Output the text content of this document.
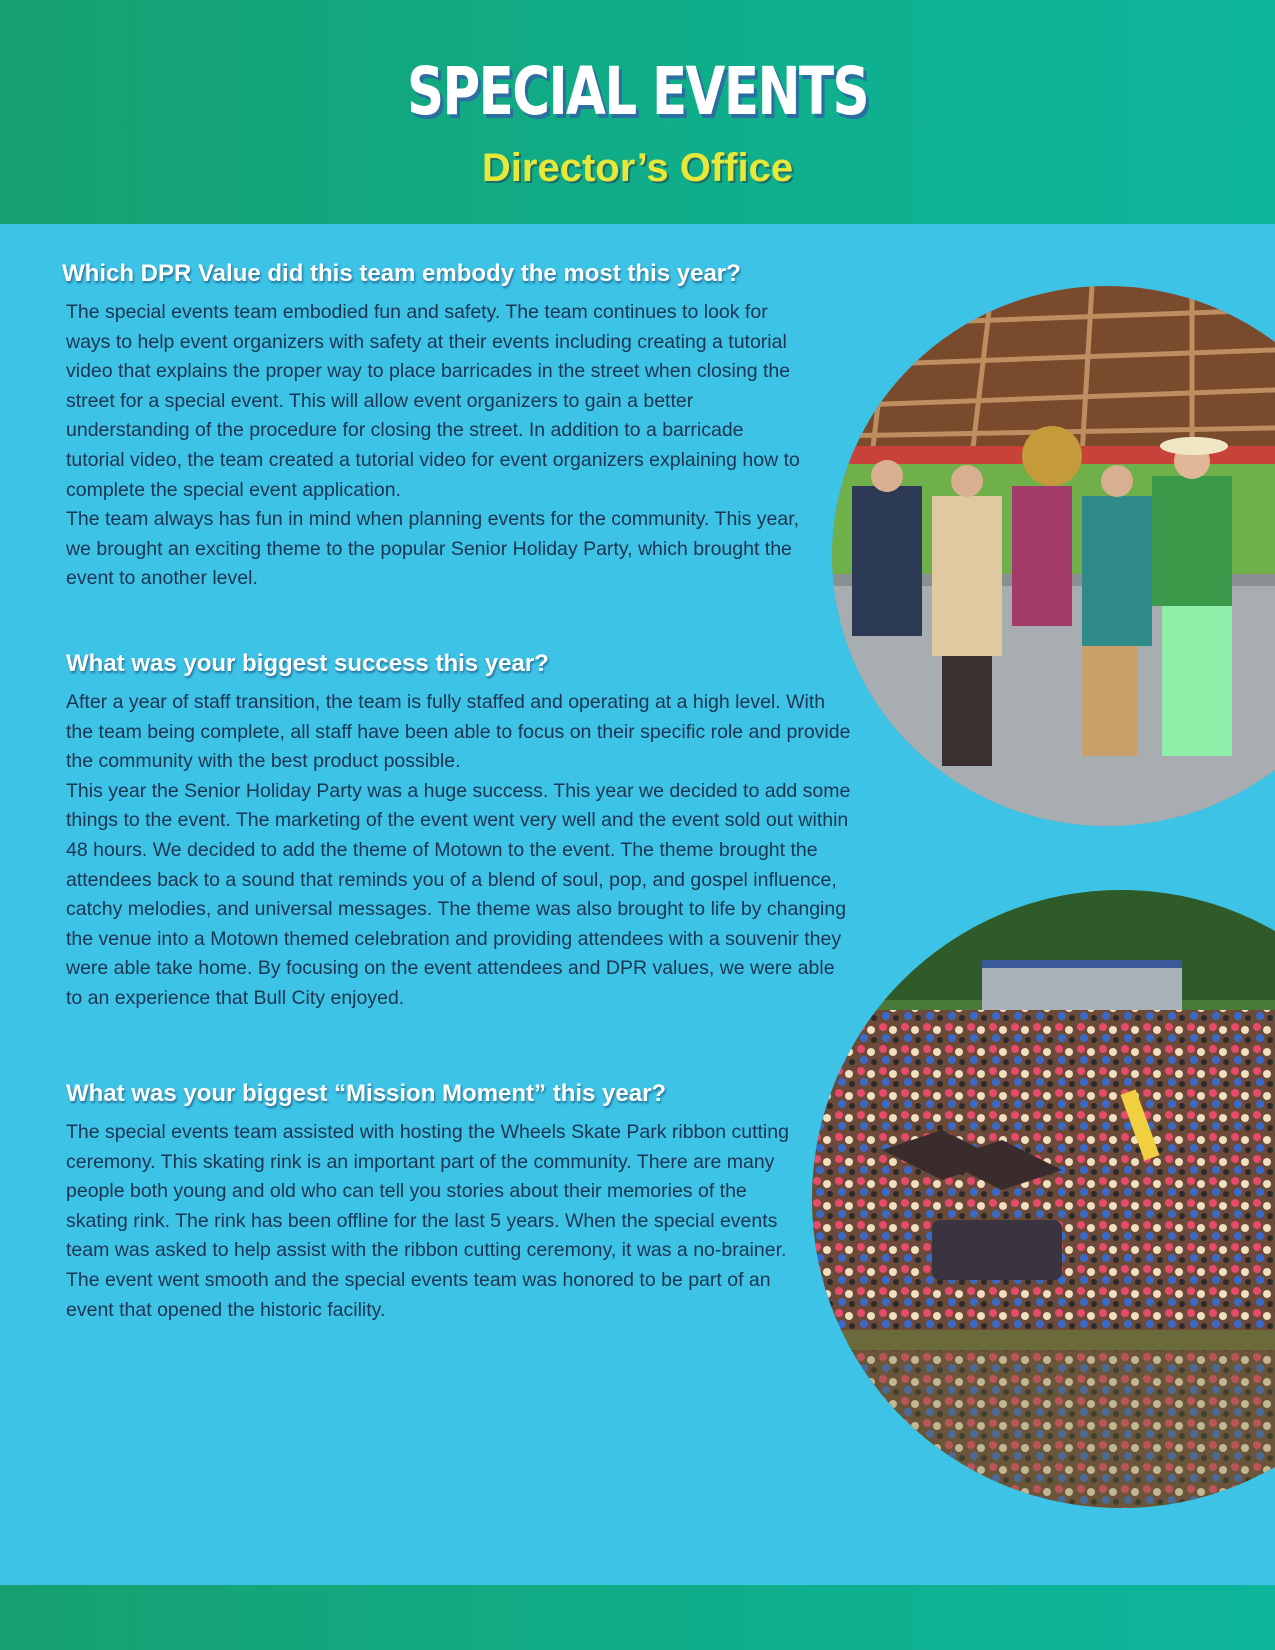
SPECIAL EVENTS
Director’s Office
Which DPR Value did this team embody the most this year?

The special events team embodied fun and safety. The team continues to look for ways to help event organizers with safety at their events including creating a tutorial video that explains the proper way to place barricades in the street when closing the street for a special event. This will allow event organizers to gain a better understanding of the procedure for closing the street. In addition to a barricade tutorial video, the team created a tutorial video for event organizers explaining how to complete the special event application.

The team always has fun in mind when planning events for the community. This year, we brought an exciting theme to the popular Senior Holiday Party, which brought the event to another level.

What was your biggest success this year?

After a year of staff transition, the team is fully staffed and operating at a high level. With the team being complete, all staff have been able to focus on their specific role and provide the community with the best product possible.

This year the Senior Holiday Party was a huge success. This year we decided to add some things to the event. The marketing of the event went very well and the event sold out within 48 hours. We decided to add the theme of Motown to the event. The theme brought the attendees back to a sound that reminds you of a blend of soul, pop, and gospel influence, catchy melodies, and universal messages. The theme was also brought to life by changing the venue into a Motown themed celebration and providing attendees with a souvenir they were able take home. By focusing on the event attendees and DPR values, we were able to an experience that Bull City enjoyed.

What was your biggest “Mission Moment” this year?

The special events team assisted with hosting the Wheels Skate Park ribbon cutting ceremony. This skating rink is an important part of the community. There are many people both young and old who can tell you stories about their memories of the skating rink. The rink has been offline for the last 5 years. When the special events team was asked to help assist with the ribbon cutting ceremony, it was a no-brainer. The event went smooth and the special events team was honored to be part of an event that opened the historic facility.
